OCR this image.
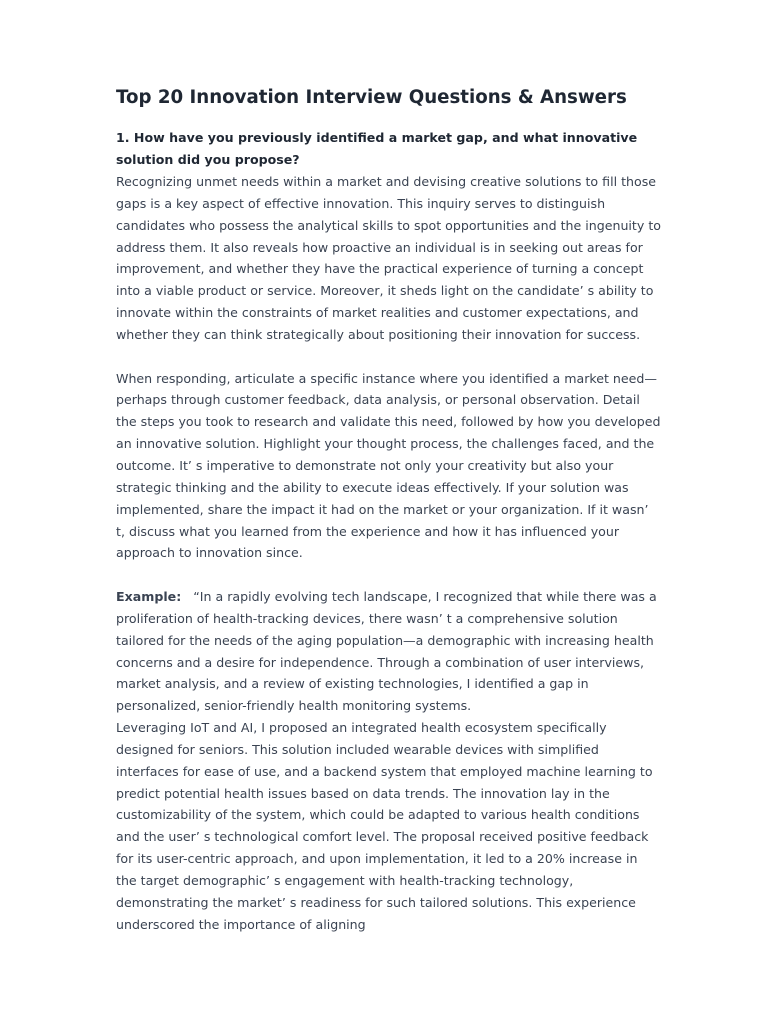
Top 20 Innovation Interview Questions & Answers

1. How have you previously identified a market gap, and what innovative solution did you propose?

Recognizing unmet needs within a market and devising creative solutions to fill those gaps is a key aspect of effective innovation. This inquiry serves to distinguish candidates who possess the analytical skills to spot opportunities and the ingenuity to address them. It also reveals how proactive an individual is in seeking out areas for improvement, and whether they have the practical experience of turning a concept into a viable product or service. Moreover, it sheds light on the candidate’ s ability to innovate within the constraints of market realities and customer expectations, and whether they can think strategically about positioning their innovation for success.

When responding, articulate a specific instance where you identified a market need—perhaps through customer feedback, data analysis, or personal observation. Detail the steps you took to research and validate this need, followed by how you developed an innovative solution. Highlight your thought process, the challenges faced, and the outcome. It’ s imperative to demonstrate not only your creativity but also your strategic thinking and the ability to execute ideas effectively. If your solution was implemented, share the impact it had on the market or your organization. If it wasn’ t, discuss what you learned from the experience and how it has influenced your approach to innovation since.

Example: “In a rapidly evolving tech landscape, I recognized that while there was a proliferation of health-tracking devices, there wasn’ t a comprehensive solution tailored for the needs of the aging population—a demographic with increasing health concerns and a desire for independence. Through a combination of user interviews, market analysis, and a review of existing technologies, I identified a gap in personalized, senior-friendly health monitoring systems.

Leveraging IoT and AI, I proposed an integrated health ecosystem specifically designed for seniors. This solution included wearable devices with simplified interfaces for ease of use, and a backend system that employed machine learning to predict potential health issues based on data trends. The innovation lay in the customizability of the system, which could be adapted to various health conditions and the user’ s technological comfort level. The proposal received positive feedback for its user-centric approach, and upon implementation, it led to a 20% increase in the target demographic’ s engagement with health-tracking technology, demonstrating the market’ s readiness for such tailored solutions. This experience underscored the importance of aligning
